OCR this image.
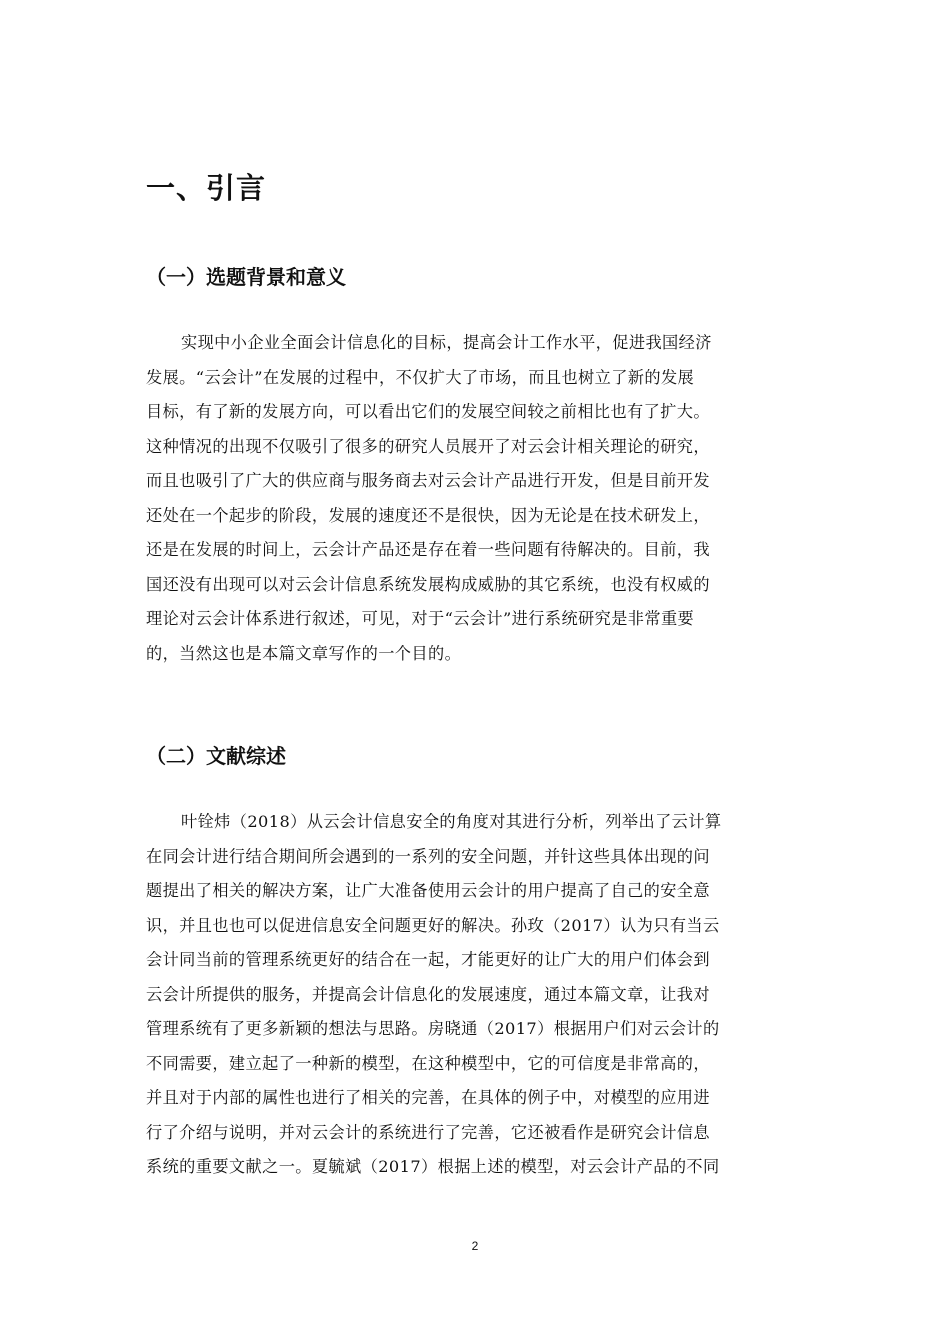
一、引言
（一）选题背景和意义
实现中小企业全面会计信息化的目标，提高会计工作水平，促进我国经济
发展。“云会计”在发展的过程中，不仅扩大了市场，而且也树立了新的发展
目标，有了新的发展方向，可以看出它们的发展空间较之前相比也有了扩大。
这种情况的出现不仅吸引了很多的研究人员展开了对云会计相关理论的研究，
而且也吸引了广大的供应商与服务商去对云会计产品进行开发，但是目前开发
还处在一个起步的阶段，发展的速度还不是很快，因为无论是在技术研发上，
还是在发展的时间上，云会计产品还是存在着一些问题有待解决的。目前，我
国还没有出现可以对云会计信息系统发展构成威胁的其它系统，也没有权威的
理论对云会计体系进行叙述，可见，对于“云会计”进行系统研究是非常重要
的，当然这也是本篇文章写作的一个目的。
（二）文献综述
叶铨炜（2018）从云会计信息安全的角度对其进行分析，列举出了云计算
在同会计进行结合期间所会遇到的一系列的安全问题，并针这些具体出现的问
题提出了相关的解决方案，让广大准备使用云会计的用户提高了自己的安全意
识，并且也也可以促进信息安全问题更好的解决。孙玫（2017）认为只有当云
会计同当前的管理系统更好的结合在一起，才能更好的让广大的用户们体会到
云会计所提供的服务，并提高会计信息化的发展速度，通过本篇文章，让我对
管理系统有了更多新颖的想法与思路。房晓通（2017）根据用户们对云会计的
不同需要，建立起了一种新的模型，在这种模型中，它的可信度是非常高的，
并且对于内部的属性也进行了相关的完善，在具体的例子中，对模型的应用进
行了介绍与说明，并对云会计的系统进行了完善，它还被看作是研究会计信息
系统的重要文献之一。夏毓斌（2017）根据上述的模型，对云会计产品的不同
2
